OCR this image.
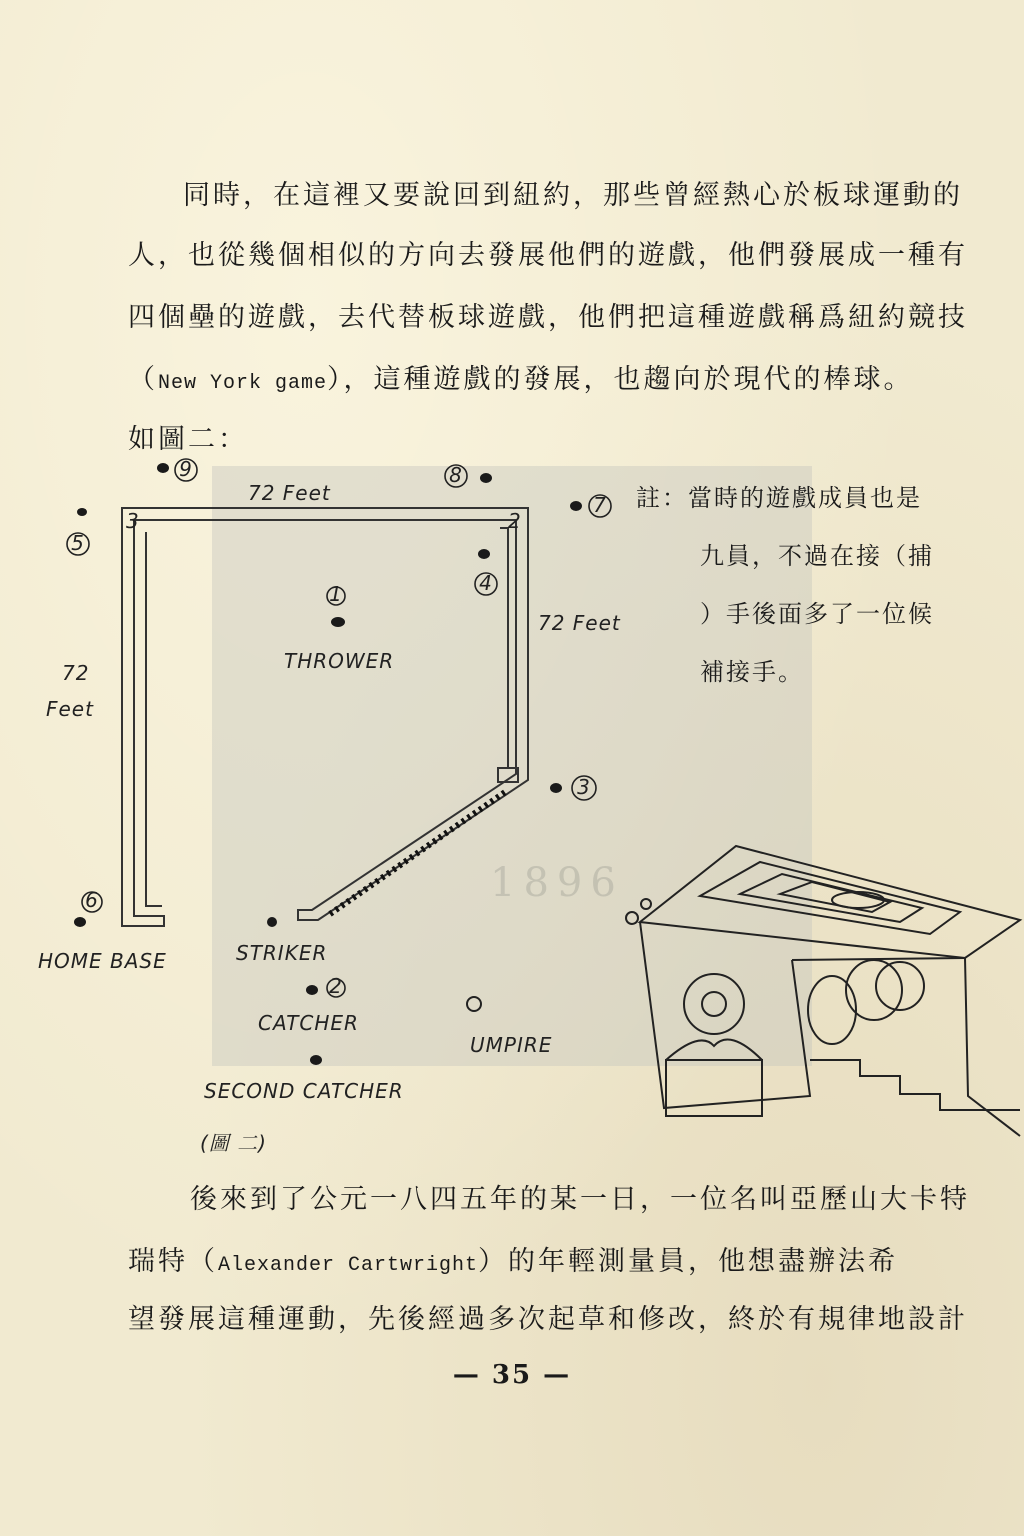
同時，在這裡又要說回到紐約，那些曾經熱心於板球運動的
人，也從幾個相似的方向去發展他們的遊戲，他們發展成一種有
四個壘的遊戲，去代替板球遊戲，他們把這種遊戲稱爲紐約競技
（New York game），這種遊戲的發展，也趨向於現代的棒球。
如圖二：
註：當時的遊戲成員也是
九員，不過在接（捕
）手後面多了一位候
補接手。
3	2
72 Feet
72 Feet
72
Feet
9	8
7
5
4
1
3
6
2
THROWER
STRIKER
CATCHER
UMPIRE
SECOND CATCHER
HOME BASE
(圖 二)
後來到了公元一八四五年的某一日，一位名叫亞歷山大卡特
瑞特（Alexander Cartwright）的年輕測量員，他想盡辦法希
望發展這種運動，先後經過多次起草和修改，終於有規律地設計
— 35 —
1896
